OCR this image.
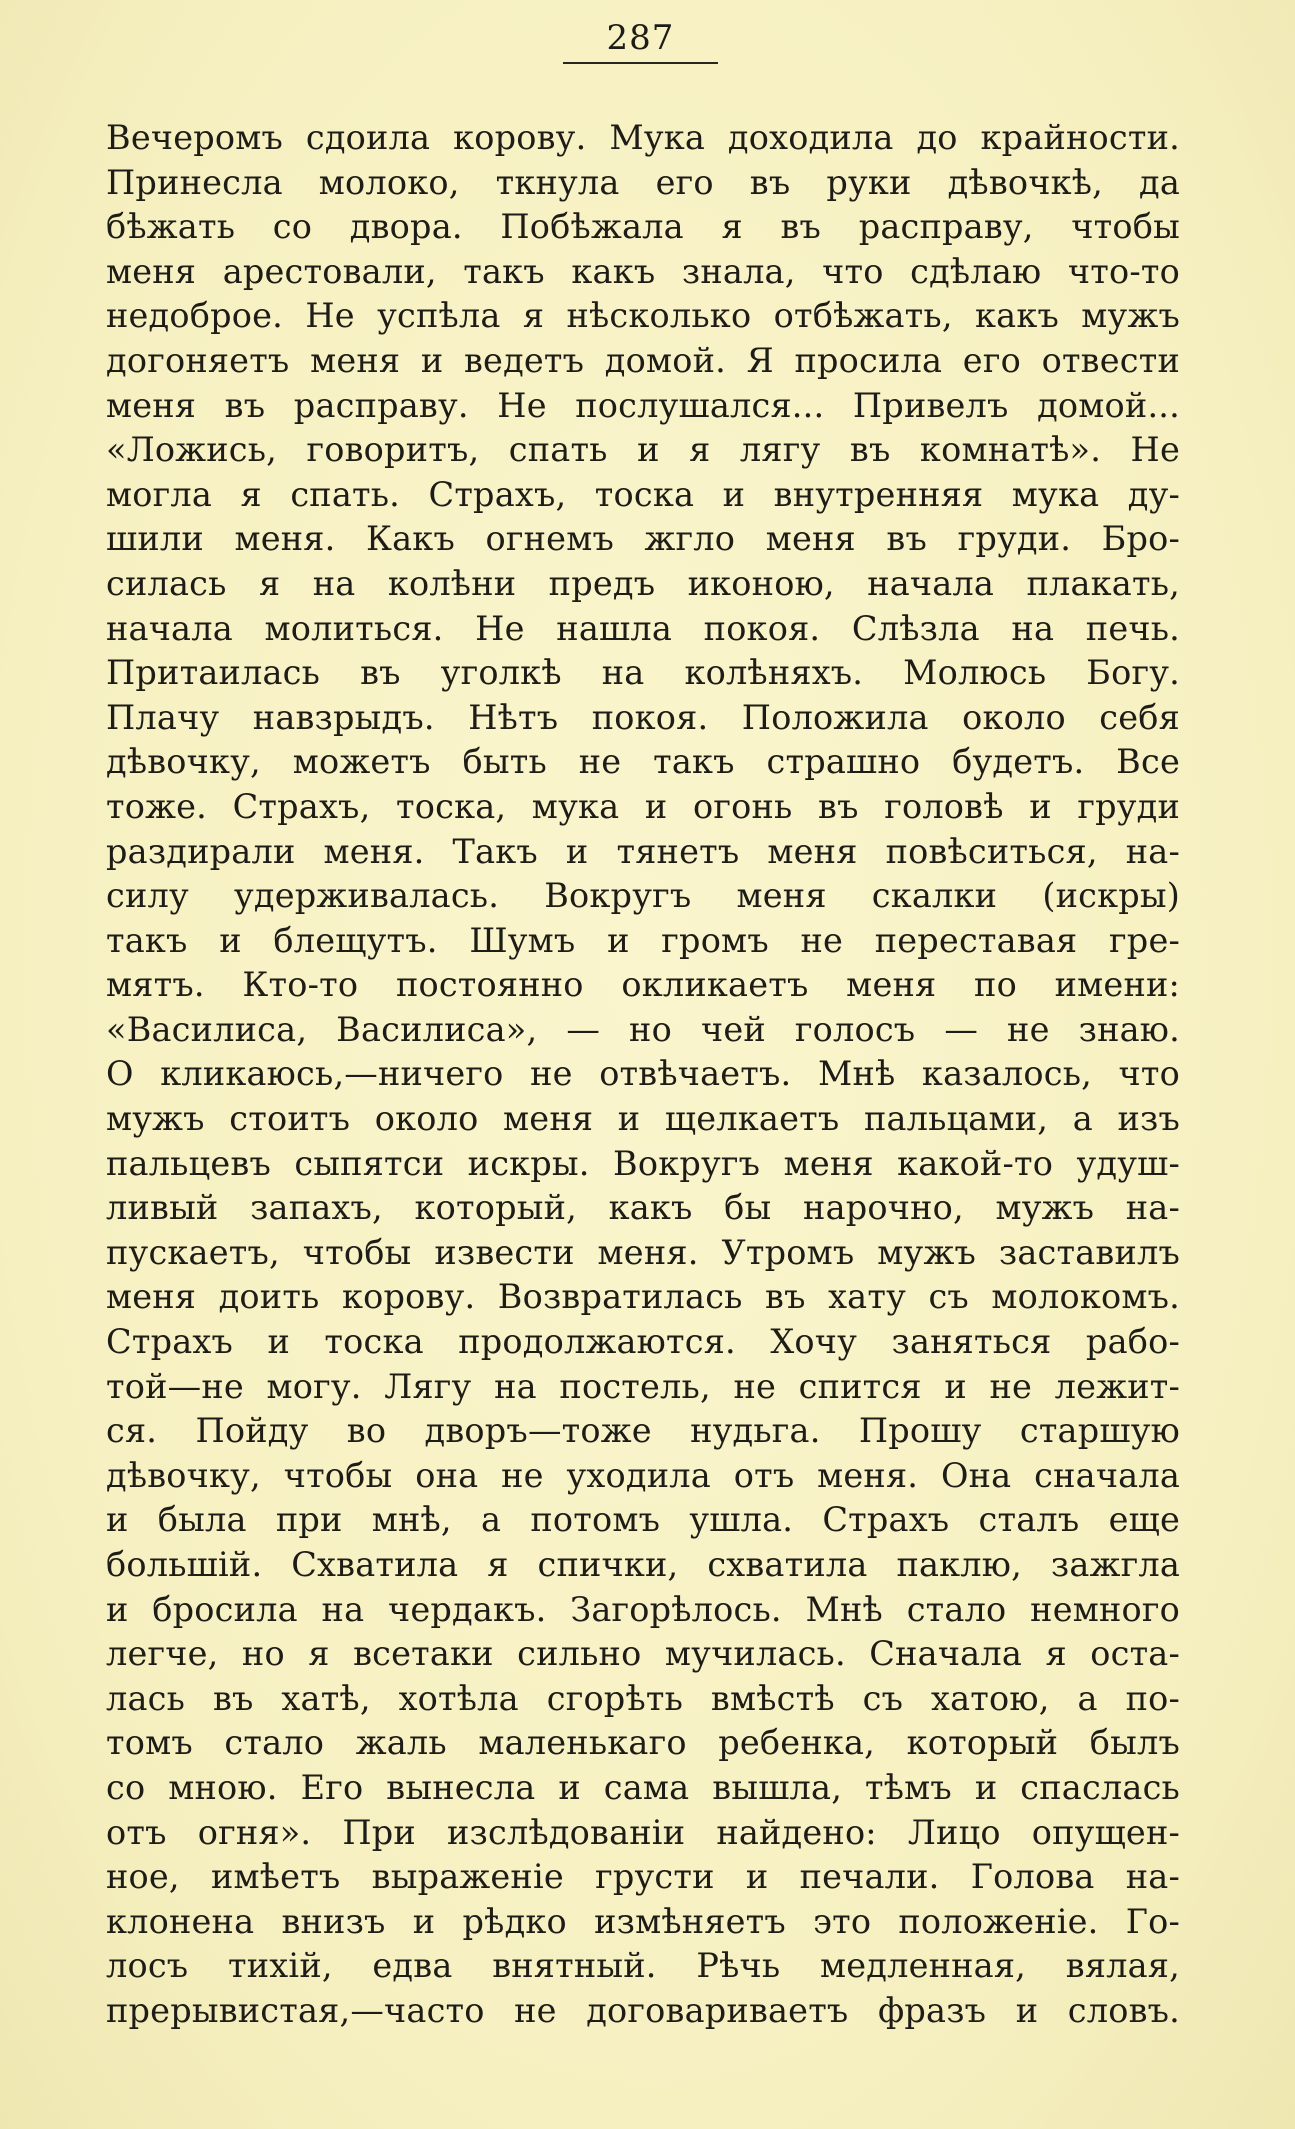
287
Вечеромъ сдоила корову. Мука доходила до крайности.
Принесла молоко, ткнула его въ руки дѣвочкѣ, да
бѣжать со двора. Побѣжала я въ расправу, чтобы
меня арестовали, такъ какъ знала, что сдѣлаю что-то
недоброе. Не успѣла я нѣсколько отбѣжать, какъ мужъ
догоняетъ меня и ведетъ домой. Я просила его отвести
меня въ расправу. Не послушался... Привелъ домой...
«Ложись, говоритъ, спать и я лягу въ комнатѣ». Не
могла я спать. Страхъ, тоска и внутренняя мука ду-
шили меня. Какъ огнемъ жгло меня въ груди. Бро-
силась я на колѣни предъ иконою, начала плакать,
начала молиться. Не нашла покоя. Слѣзла на печь.
Притаилась въ уголкѣ на колѣняхъ. Молюсь Богу.
Плачу навзрыдъ. Нѣтъ покоя. Положила около себя
дѣвочку, можетъ быть не такъ страшно будетъ. Все
тоже. Страхъ, тоска, мука и огонь въ головѣ и груди
раздирали меня. Такъ и тянетъ меня повѣситься, на-
силу удерживалась. Вокругъ меня скалки (искры)
такъ и блещутъ. Шумъ и громъ не переставая гре-
мятъ. Кто-то постоянно окликаетъ меня по имени:
«Василиса, Василиса», — но чей голосъ — не знаю.
О кликаюсь,—ничего не отвѣчаетъ. Мнѣ казалось, что
мужъ стоитъ около меня и щелкаетъ пальцами, а изъ
пальцевъ сыпятси искры. Вокругъ меня какой-то удуш-
ливый запахъ, который, какъ бы нарочно, мужъ на-
пускаетъ, чтобы извести меня. Утромъ мужъ заставилъ
меня доить корову. Возвратилась въ хату съ молокомъ.
Страхъ и тоска продолжаются. Хочу заняться рабо-
той—не могу. Лягу на постель, не спится и не лежит-
ся. Пойду во дворъ—тоже нудьга. Прошу старшую
дѣвочку, чтобы она не уходила отъ меня. Она сначала
и была при мнѣ, а потомъ ушла. Страхъ сталъ еще
большій. Схватила я спички, схватила паклю, зажгла
и бросила на чердакъ. Загорѣлось. Мнѣ стало немного
легче, но я всетаки сильно мучилась. Сначала я оста-
лась въ хатѣ, хотѣла сгорѣть вмѣстѣ съ хатою, а по-
томъ стало жаль маленькаго ребенка, который былъ
со мною. Его вынесла и сама вышла, тѣмъ и спаслась
отъ огня». При изслѣдованіи найдено: Лицо опущен-
ное, имѣетъ выраженіе грусти и печали. Голова на-
клонена внизъ и рѣдко измѣняетъ это положеніе. Го-
лосъ тихій, едва внятный. Рѣчь медленная, вялая,
прерывистая,—часто не договариваетъ фразъ и словъ.
